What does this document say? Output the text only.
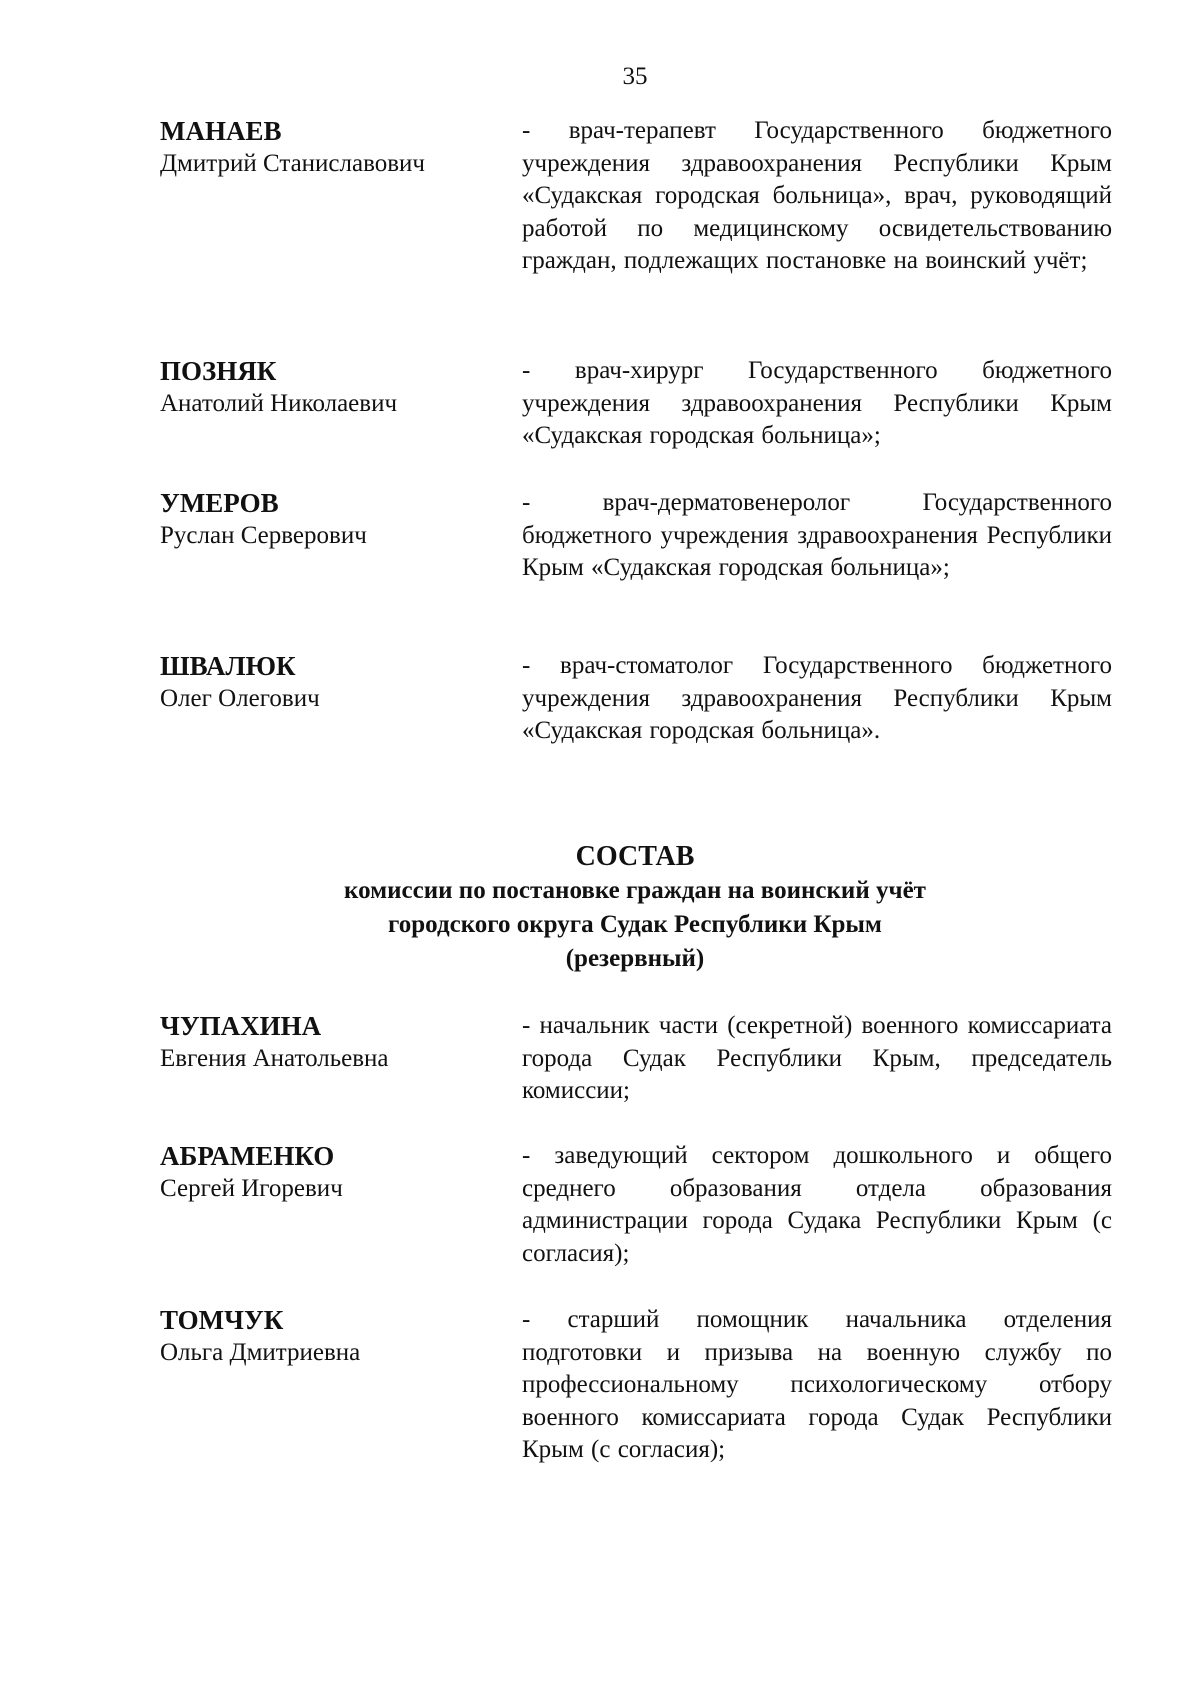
35
МАНАЕВ
Дмитрий Станиславович
- врач-терапевт Государственного бюджетного учреждения здравоохранения Республики Крым «Судакская городская больница», врач, руководящий работой по медицинскому освидетельствованию граждан, подлежащих постановке на воинский учёт;
ПОЗНЯК
Анатолий Николаевич
- врач-хирург Государственного бюджетного учреждения здравоохранения Республики Крым «Судакская городская больница»;
УМЕРОВ
Руслан Серверович
- врач-дерматовенеролог Государственного бюджетного учреждения здравоохранения Республики Крым «Судакская городская больница»;
ШВАЛЮК
Олег Олегович
- врач-стоматолог Государственного бюджетного учреждения здравоохранения Республики Крым «Судакская городская больница».
СОСТАВ
комиссии по постановке граждан на воинский учёт
городского округа Судак Республики Крым
(резервный)
ЧУПАХИНА
Евгения Анатольевна
- начальник части (секретной) военного комиссариата города Судак Республики Крым, председатель комиссии;
АБРАМЕНКО
Сергей Игоревич
- заведующий сектором дошкольного и общего среднего образования отдела образования администрации города Судака Республики Крым (с согласия);
ТОМЧУК
Ольга Дмитриевна
- старший помощник начальника отделения подготовки и призыва на военную службу по профессиональному психологическому отбору военного комиссариата города Судак Республики Крым (с согласия);
